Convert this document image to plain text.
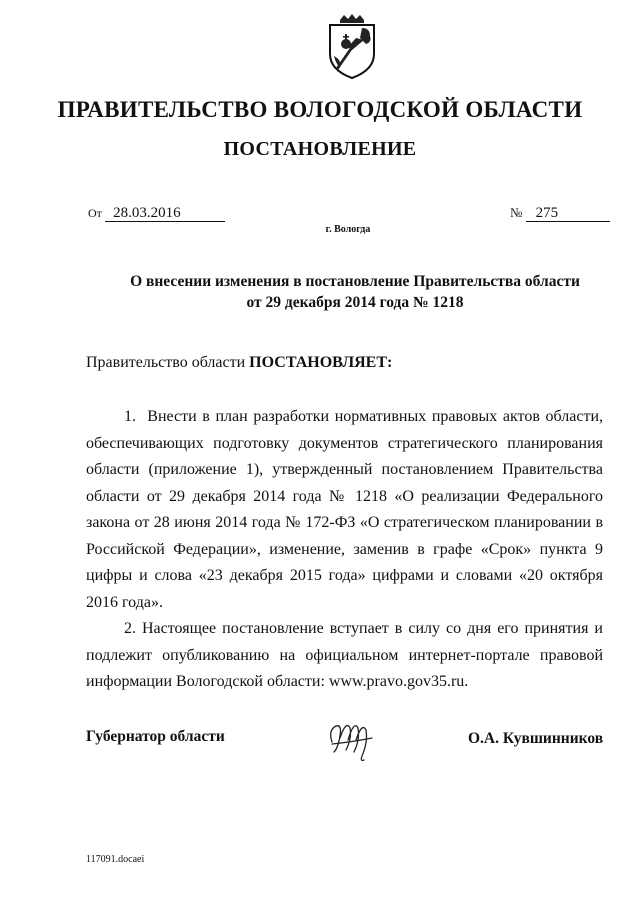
ПРАВИТЕЛЬСТВО ВОЛОГОДСКОЙ ОБЛАСТИ
ПОСТАНОВЛЕНИЕ
От 28.03.2016	№ 275
г. Вологда
О внесении изменения в постановление Правительства области
от 29 декабря 2014 года № 1218
Правительство области ПОСТАНОВЛЯЕТ:

1.  Внести в план разработки нормативных правовых актов области, обеспечивающих подготовку документов стратегического планирования области (приложение 1), утвержденный постановлением Правительства области от 29 декабря 2014 года № 1218 «О реализации Федерального закона от 28 июня 2014 года № 172-ФЗ «О стратегическом планировании в Российской Федерации», изменение, заменив в графе «Срок» пункта 9 цифры и слова «23 декабря 2015 года» цифрами и словами «20 октября 2016 года».

2. Настоящее постановление вступает в силу со дня его принятия и подлежит опубликованию на официальном интернет-портале правовой информации Вологодской области: www.pravo.gov35.ru.

Губернатор области	О.А. Кувшинников
117091.docaei
